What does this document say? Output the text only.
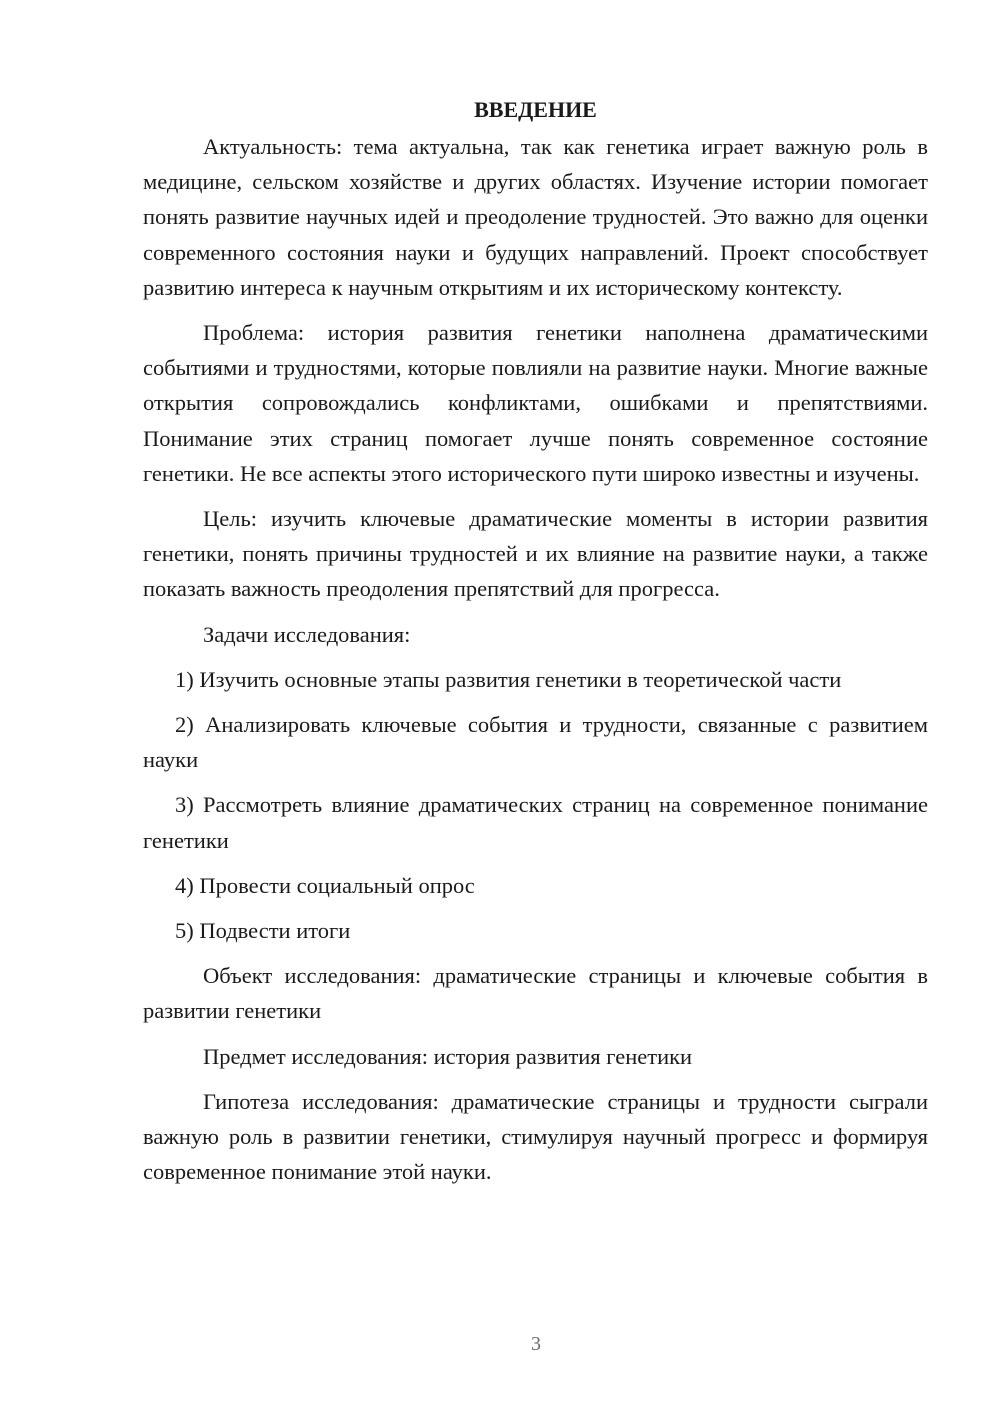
ВВЕДЕНИЕ

Актуальность: тема актуальна, так как генетика играет важную роль в медицине, сельском хозяйстве и других областях. Изучение истории помогает понять развитие научных идей и преодоление трудностей. Это важно для оценки современного состояния науки и будущих направлений. Проект способствует развитию интереса к научным открытиям и их историческому контексту.

Проблема: история развития генетики наполнена драматическими событиями и трудностями, которые повлияли на развитие науки. Многие важные открытия сопровождались конфликтами, ошибками и препятствиями. Понимание этих страниц помогает лучше понять современное состояние генетики. Не все аспекты этого исторического пути широко известны и изучены.

Цель: изучить ключевые драматические моменты в истории развития генетики, понять причины трудностей и их влияние на развитие науки, а также показать важность преодоления препятствий для прогресса.

Задачи исследования:

1) Изучить основные этапы развития генетики в теоретической части

2) Анализировать ключевые события и трудности, связанные с развитием науки

3) Рассмотреть влияние драматических страниц на современное понимание генетики

4) Провести социальный опрос

5) Подвести итоги

Объект исследования: драматические страницы и ключевые события в развитии генетики

Предмет исследования: история развития генетики

Гипотеза исследования: драматические страницы и трудности сыграли важную роль в развитии генетики, стимулируя научный прогресс и формируя современное понимание этой науки.

3
